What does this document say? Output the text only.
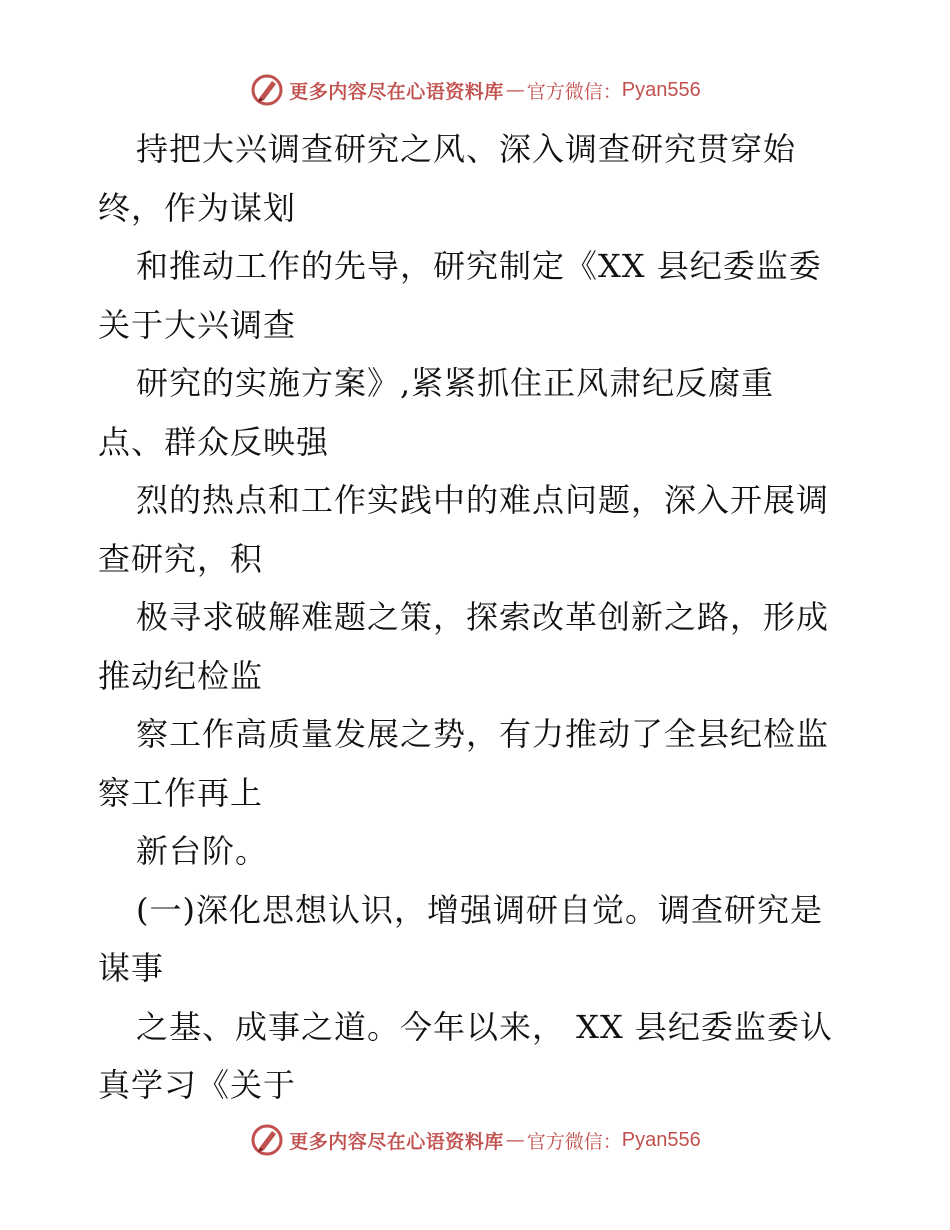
更多内容尽在心语资料库 — 官方微信： Pyan556
持把大兴调查研究之风、深入调查研究贯穿始
终，作为谋划
和推动工作的先导，研究制定《XX 县纪委监委
关于大兴调查
研究的实施方案》,紧紧抓住正风肃纪反腐重
点、群众反映强
烈的热点和工作实践中的难点问题，深入开展调
查研究，积
极寻求破解难题之策，探索改革创新之路，形成
推动纪检监
察工作高质量发展之势，有力推动了全县纪检监
察工作再上
新台阶。
(一)深化思想认识，增强调研自觉。调查研究是
谋事
之基、成事之道。今年以来， XX 县纪委监委认
真学习《关于
更多内容尽在心语资料库 — 官方微信： Pyan556
